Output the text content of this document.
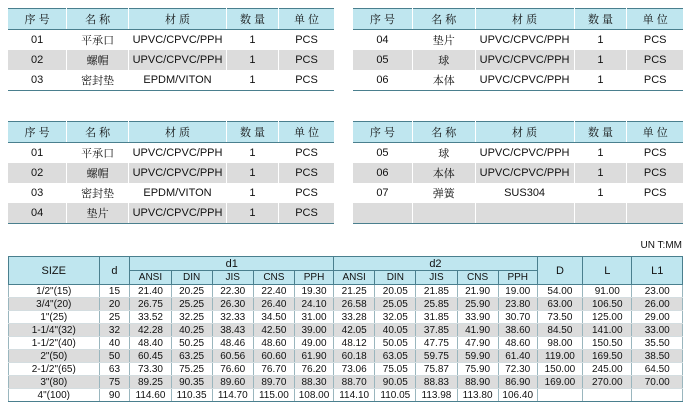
序 号	名 称	材 质	数 量	单 位
01	平承口	UPVC/CPVC/PPH	1	PCS
02	螺帽	UPVC/CPVC/PPH	1	PCS
03	密封垫	EPDM/VITON	1	PCS
序 号	名 称	材 质	数 量	单 位
04	垫片	UPVC/CPVC/PPH	1	PCS
05	球	UPVC/CPVC/PPH	1	PCS
06	本体	UPVC/CPVC/PPH	1	PCS
序 号	名 称	材 质	数 量	单 位
01	平承口	UPVC/CPVC/PPH	1	PCS
02	螺帽	UPVC/CPVC/PPH	1	PCS
03	密封垫	EPDM/VITON	1	PCS
04	垫片	UPVC/CPVC/PPH	1	PCS
序 号	名 称	材 质	数 量	单 位
05	球	UPVC/CPVC/PPH	1	PCS
06	本体	UPVC/CPVC/PPH	1	PCS
07	弹簧	SUS304	1	PCS

UN T:MM
SIZE	d	d1					d2					D	L	L1
		ANSI	DIN	JIS	CNS	PPH	ANSI	DIN	JIS	CNS	PPH			
1/2"(15)	15	21.40	20.25	22.30	22.40	19.30	21.25	20.05	21.85	21.90	19.00	54.00	91.00	23.00
3/4"(20)	20	26.75	25.25	26.30	26.40	24.10	26.58	25.05	25.85	25.90	23.80	63.00	106.50	26.00
1"(25)	25	33.52	32.25	32.33	34.50	31.00	33.28	32.05	31.85	33.90	30.70	73.50	125.00	29.00
1-1/4"(32)	32	42.28	40.25	38.43	42.50	39.00	42.05	40.05	37.85	41.90	38.60	84.50	141.00	33.00
1-1/2"(40)	40	48.40	50.25	48.46	48.60	49.00	48.12	50.05	47.75	47.90	48.60	98.00	150.50	35.50
2"(50)	50	60.45	63.25	60.56	60.60	61.90	60.18	63.05	59.75	59.90	61.40	119.00	169.50	38.50
2-1/2"(65)	63	73.30	75.25	76.60	76.70	76.20	73.06	75.05	75.87	75.90	72.30	150.00	245.00	64.50
3"(80)	75	89.25	90.35	89.60	89.70	88.30	88.70	90.05	88.83	88.90	86.90	169.00	270.00	70.00
4"(100)	90	114.60	110.35	114.70	115.00	108.00	114.10	110.05	113.98	113.80	106.40			
